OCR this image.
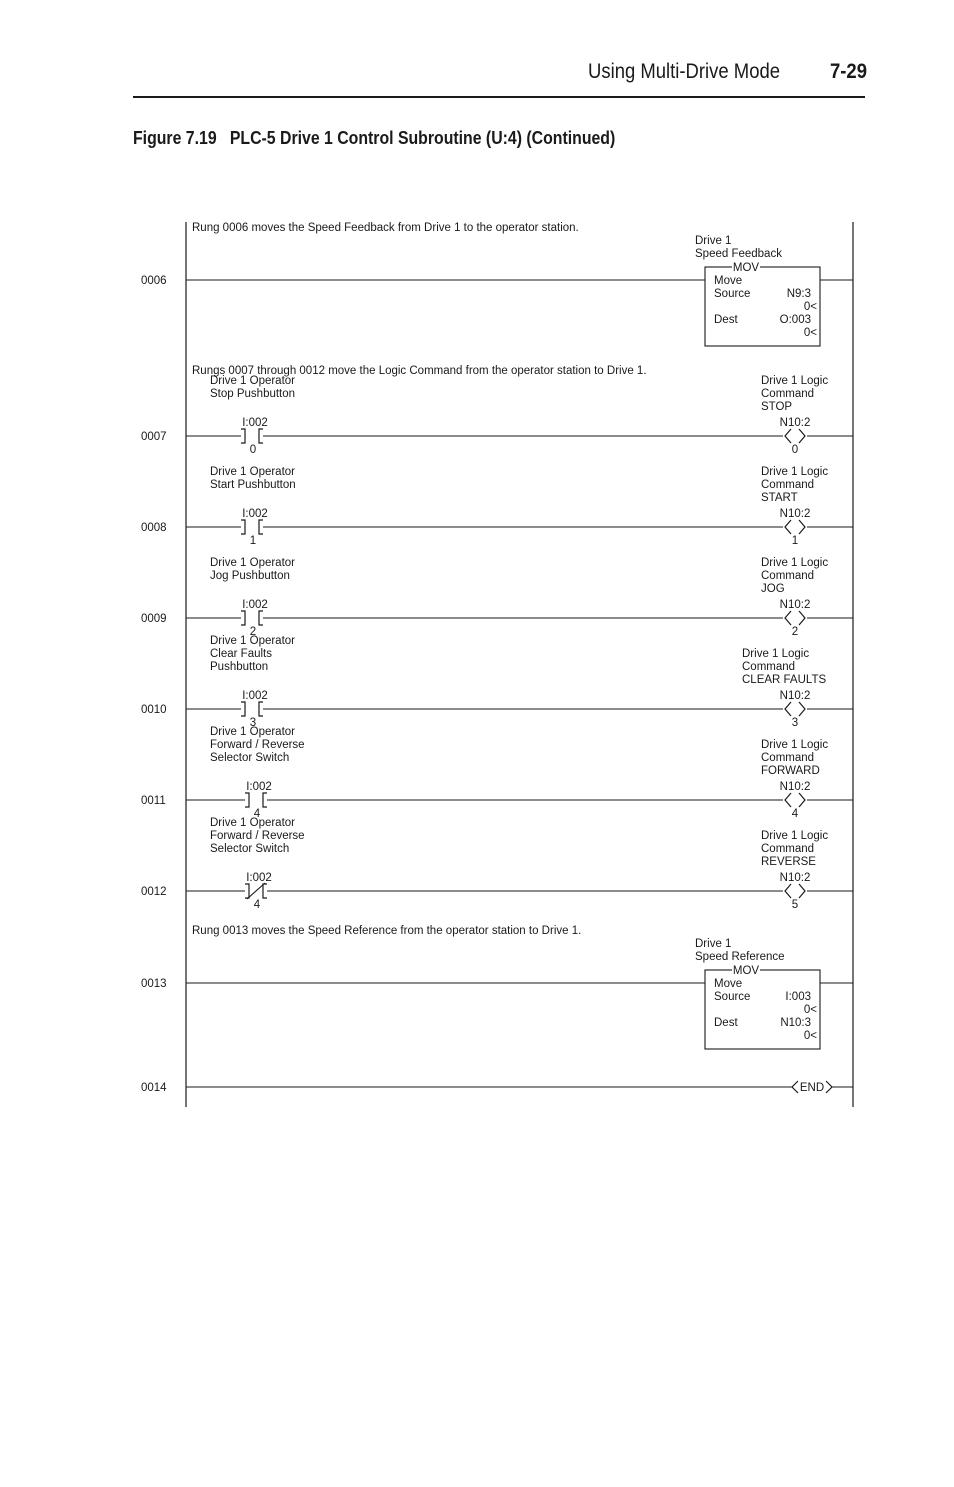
Using Multi-Drive Mode 7-29
Figure 7.19   PLC-5 Drive 1 Control Subroutine (U:4) (Continued)
0006
Rung 0006 moves the Speed Feedback from Drive 1 to the operator station.
Drive 1
Speed Feedback
MOV
Move
Source	N9:3
0<
Dest	O:003
0<
0007
Rungs 0007 through 0012 move the Logic Command from the operator station to Drive 1.
Drive 1 Operator
Stop Pushbutton
I:002
0
Drive 1 Logic
Command
STOP
N10:2
0
0008
Drive 1 Operator
Start Pushbutton
I:002
1
Drive 1 Logic
Command
START
N10:2
1
0009
Drive 1 Operator
Jog Pushbutton
I:002
2
Drive 1 Logic
Command
JOG
N10:2
2
0010
Drive 1 Operator
Clear Faults
Pushbutton
I:002
3
Drive 1 Logic
Command
CLEAR FAULTS
N10:2
3
0011
Drive 1 Operator
Forward / Reverse
Selector Switch
I:002
4
Drive 1 Logic
Command
FORWARD
N10:2
4
0012
Drive 1 Operator
Forward / Reverse
Selector Switch
I:002
4
Drive 1 Logic
Command
REVERSE
N10:2
5
0013
Rung 0013 moves the Speed Reference from the operator station to Drive 1.
Drive 1
Speed Reference
MOV
Move
Source	I:003
0<
Dest	N10:3
0<
0014	END
